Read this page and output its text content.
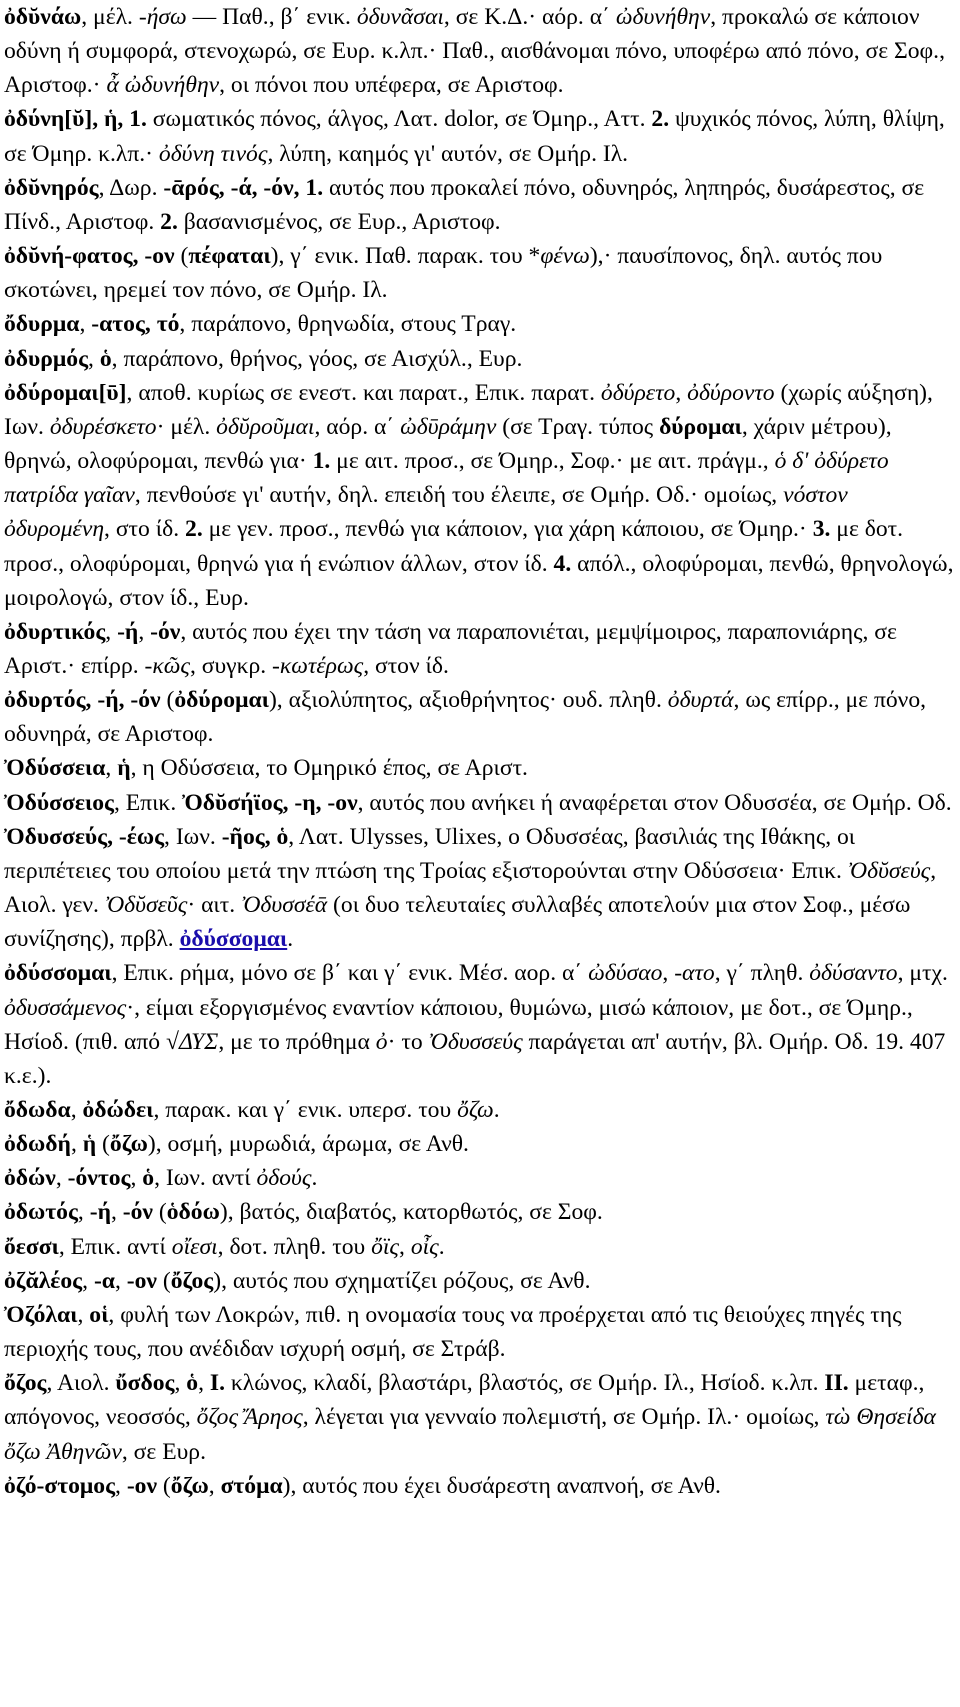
ὀδῠνάω, μέλ. -ήσω — Παθ., β΄ ενικ. ὀδυνᾶσαι, σε Κ.Δ.· αόρ. α΄ ὠδυνήθην, προκαλώ σε κάποιον οδύνη ή συμφορά, στενοχωρώ, σε Ευρ. κ.λπ.· Παθ., αισθάνομαι πόνο, υποφέρω από πόνο, σε Σοφ., Αριστοφ.· ἆ ὠδυνήθην, οι πόνοι που υπέφερα, σε Αριστοφ.

ὀδύνη[ῠ], ἡ, 1. σωματικός πόνος, άλγος, Λατ. dolor, σε Όμηρ., Αττ. 2. ψυχικός πόνος, λύπη, θλίψη, σε Όμηρ. κ.λπ.· ὀδύνη τινός, λύπη, καημός γι' αυτόν, σε Ομήρ. Ιλ.

ὀδῠνηρός, Δωρ. -ᾱρός, -ά, -όν, 1. αυτός που προκαλεί πόνο, οδυνηρός, ληπηρός, δυσάρεστος, σε Πίνδ., Αριστοφ. 2. βασανισμένος, σε Ευρ., Αριστοφ.

ὀδῠνή-φατος, -ον (πέφαται), γ΄ ενικ. Παθ. παρακ. του *φένω),· παυσίπονος, δηλ. αυτός που σκοτώνει, ηρεμεί τον πόνο, σε Ομήρ. Ιλ.

ὄδυρμα, -ατος, τό, παράπονο, θρηνωδία, στους Τραγ.

ὀδυρμός, ὁ, παράπονο, θρήνος, γόος, σε Αισχύλ., Ευρ.

ὀδύρομαι[ῡ], αποθ. κυρίως σε ενεστ. και παρατ., Επικ. παρατ. ὀδύρετο, ὀδύροντο (χωρίς αύξηση), Ιων. ὀδυρέσκετο· μέλ. ὀδῠροῦμαι, αόρ. α΄ ὠδῡράμην (σε Τραγ. τύπος δύρομαι, χάριν μέτρου), θρηνώ, ολοφύρομαι, πενθώ για· 1. με αιτ. προσ., σε Όμηρ., Σοφ.· με αιτ. πράγμ., ὁ δ' ὀδύρετο πατρίδα γαῖαν, πενθούσε γι' αυτήν, δηλ. επειδή του έλειπε, σε Ομήρ. Οδ.· ομοίως, νόστον ὀδυρομένη, στο ίδ. 2. με γεν. προσ., πενθώ για κάποιον, για χάρη κάποιου, σε Όμηρ.· 3. με δοτ. προσ., ολοφύρομαι, θρηνώ για ή ενώπιον άλλων, στον ίδ. 4. απόλ., ολοφύρομαι, πενθώ, θρηνολογώ, μοιρολογώ, στον ίδ., Ευρ.

ὀδυρτικός, -ή, -όν, αυτός που έχει την τάση να παραπονιέται, μεμψίμοιρος, παραπονιάρης, σε Αριστ.· επίρρ. -κῶς, συγκρ. -κωτέρως, στον ίδ.

ὀδυρτός, -ή, -όν (ὀδύρομαι), αξιολύπητος, αξιοθρήνητος· ουδ. πληθ. ὀδυρτά, ως επίρρ., με πόνο, οδυνηρά, σε Αριστοφ.

Ὀδύσσεια, ἡ, η Οδύσσεια, το Ομηρικό έπος, σε Αριστ.

Ὀδύσσειος, Επικ. Ὀδῠσήϊος, -η, -ον, αυτός που ανήκει ή αναφέρεται στον Οδυσσέα, σε Ομήρ. Οδ.

Ὀδυσσεύς, -έως, Ιων. -ῆος, ὁ, Λατ. Ulysses, Ulixes, ο Οδυσσέας, βασιλιάς της Ιθάκης, οι περιπέτειες του οποίου μετά την πτώση της Τροίας εξιστορούνται στην Οδύσσεια· Επικ. Ὀδῠσεύς, Αιολ. γεν. Ὀδῠσεῦς· αιτ. Ὀδυσσέᾱ (οι δυο τελευταίες συλλαβές αποτελούν μια στον Σοφ., μέσω συνίζησης), πρβλ. ὀδύσσομαι.

ὀδύσσομαι, Επικ. ρήμα, μόνο σε β΄ και γ΄ ενικ. Μέσ. αορ. α΄ ὠδύσαο, -ατο, γ΄ πληθ. ὀδύσαντο, μτχ. ὀδυσσάμενος·, είμαι εξοργισμένος εναντίον κάποιου, θυμώνω, μισώ κάποιον, με δοτ., σε Όμηρ., Ησίοδ. (πιθ. από √ΔΥΣ, με το πρόθημα ὀ· το Ὀδυσσεύς παράγεται απ' αυτήν, βλ. Ομήρ. Οδ. 19. 407 κ.ε.).

ὄδωδα, ὀδώδει, παρακ. και γ΄ ενικ. υπερσ. του ὄζω.

ὀδωδή, ἡ (ὄζω), οσμή, μυρωδιά, άρωμα, σε Ανθ.

ὀδών, -όντος, ὁ, Ιων. αντί ὀδούς.

ὀδωτός, -ή, -όν (ὁδόω), βατός, διαβατός, κατορθωτός, σε Σοφ.

ὄεσσι, Επικ. αντί οἴεσι, δοτ. πληθ. του ὄϊς, οἶς.

ὀζᾰλέος, -α, -ον (ὄζος), αυτός που σχηματίζει ρόζους, σε Ανθ.

Ὀζόλαι, οἱ, φυλή των Λοκρών, πιθ. η ονομασία τους να προέρχεται από τις θειούχες πηγές της περιοχής τους, που ανέδιδαν ισχυρή οσμή, σε Στράβ.

ὄζος, Αιολ. ὔσδος, ὁ, I. κλώνος, κλαδί, βλαστάρι, βλαστός, σε Ομήρ. Ιλ., Ησίοδ. κ.λπ. II. μεταφ., απόγονος, νεοσσός, ὄζος Ἄρηος, λέγεται για γενναίο πολεμιστή, σε Ομήρ. Ιλ.· ομοίως, τὼ Θησείδα ὄζω Ἀθηνῶν, σε Ευρ.

ὀζό-στομος, -ον (ὄζω, στόμα), αυτός που έχει δυσάρεστη αναπνοή, σε Ανθ.
